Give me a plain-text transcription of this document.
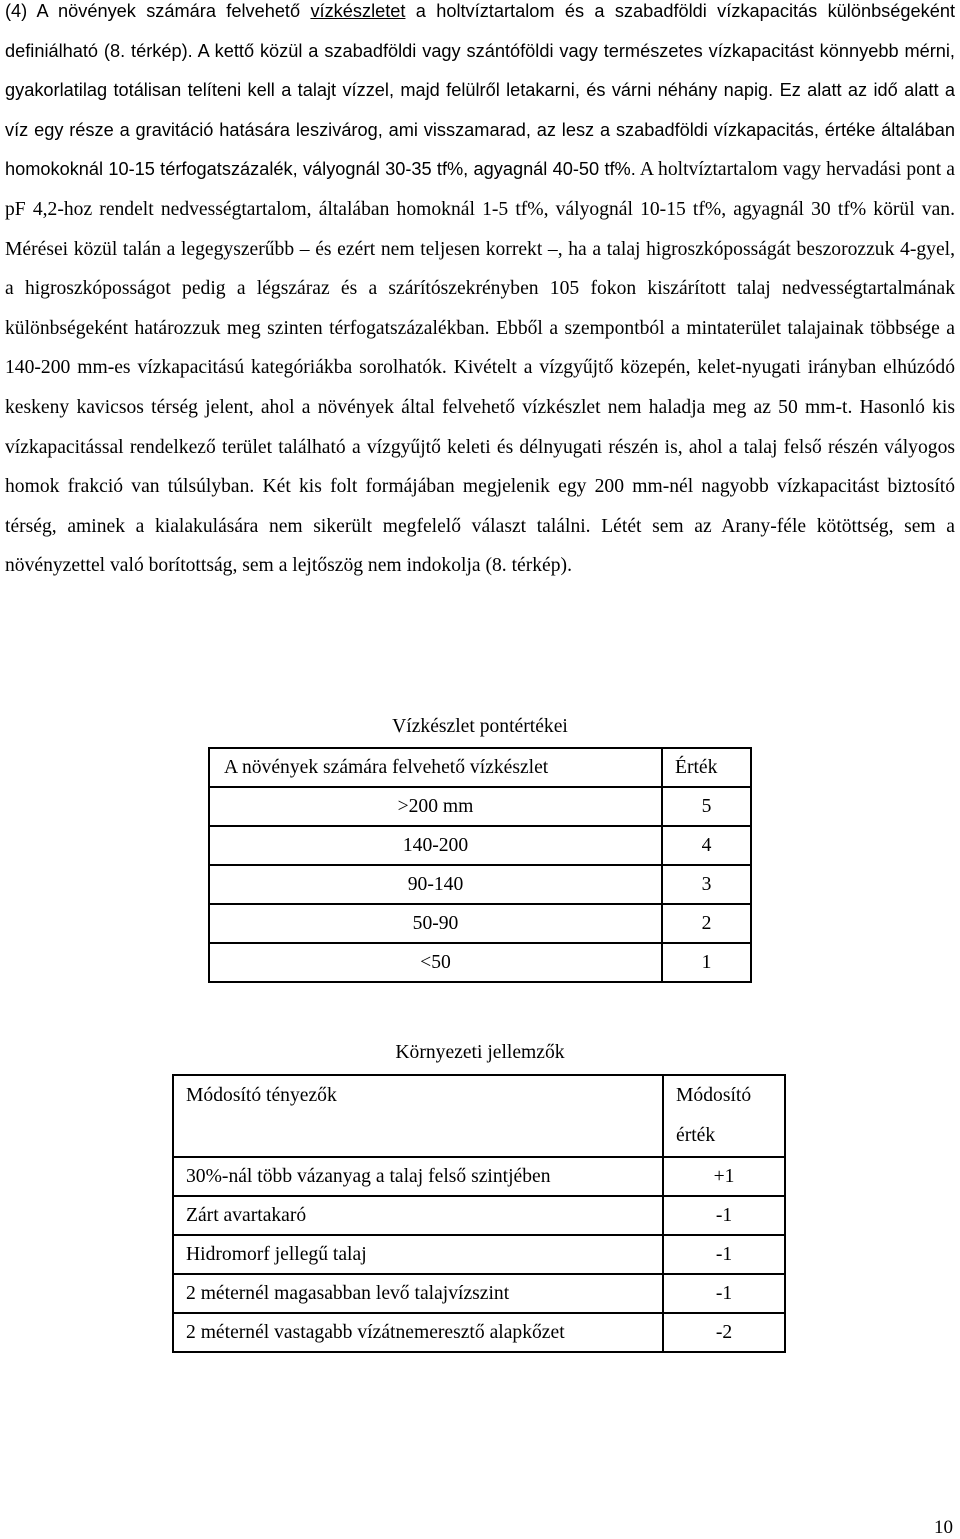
(4) A növények számára felvehető vízkészletet a holtvíztartalom és a szabadföldi vízkapacitás különbségeként definiálható (8. térkép). A kettő közül a szabadföldi vagy szántóföldi vagy természetes vízkapacitást könnyebb mérni, gyakorlatilag totálisan telíteni kell a talajt vízzel, majd felülről letakarni, és várni néhány napig. Ez alatt az idő alatt a víz egy része a gravitáció hatására leszivárog, ami visszamarad, az lesz a szabadföldi vízkapacitás, értéke általában homokoknál 10-15 térfogatszázalék, vályognál 30-35 tf%, agyagnál 40-50 tf%. A holtvíztartalom vagy hervadási pont a pF 4,2-hoz rendelt nedvességtartalom, általában homoknál 1-5 tf%, vályognál 10-15 tf%, agyagnál 30 tf% körül van. Mérései közül talán a legegyszerűbb – és ezért nem teljesen korrekt –, ha a talaj higroszkóposságát beszorozzuk 4-gyel, a higroszkóposságot pedig a légszáraz és a szárítószekrényben 105 fokon kiszárított talaj nedvességtartalmának különbségeként határozzuk meg szinten térfogatszázalékban. Ebből a szempontból a mintaterület talajainak többsége a 140-200 mm-es vízkapacitású kategóriákba sorolhatók. Kivételt a vízgyűjtő közepén, kelet-nyugati irányban elhúzódó keskeny kavicsos térség jelent, ahol a növények által felvehető vízkészlet nem haladja meg az 50 mm-t. Hasonló kis vízkapacitással rendelkező terület található a vízgyűjtő keleti és délnyugati részén is, ahol a talaj felső részén vályogos homok frakció van túlsúlyban. Két kis folt formájában megjelenik egy 200 mm-nél nagyobb vízkapacitást biztosító térség, aminek a kialakulására nem sikerült megfelelő választ találni. Létét sem az Arany-féle kötöttség, sem a növényzettel való borítottság, sem a lejtőszög nem indokolja (8. térkép).
Vízkészlet pontértékei
A növények számára felvehető vízkészlet	Érték
>200 mm	5
140-200	4
90-140	3
50-90	2
<50	1
Környezeti jellemzők
Módosító tényezők	Módosító
érték

30%-nál több vázanyag a talaj felső szintjében	+1
Zárt avartakaró	-1
Hidromorf jellegű talaj	-1
2 méternél magasabban levő talajvízszint	-1
2 méternél vastagabb vízátnemeresztő alapkőzet	-2
10
